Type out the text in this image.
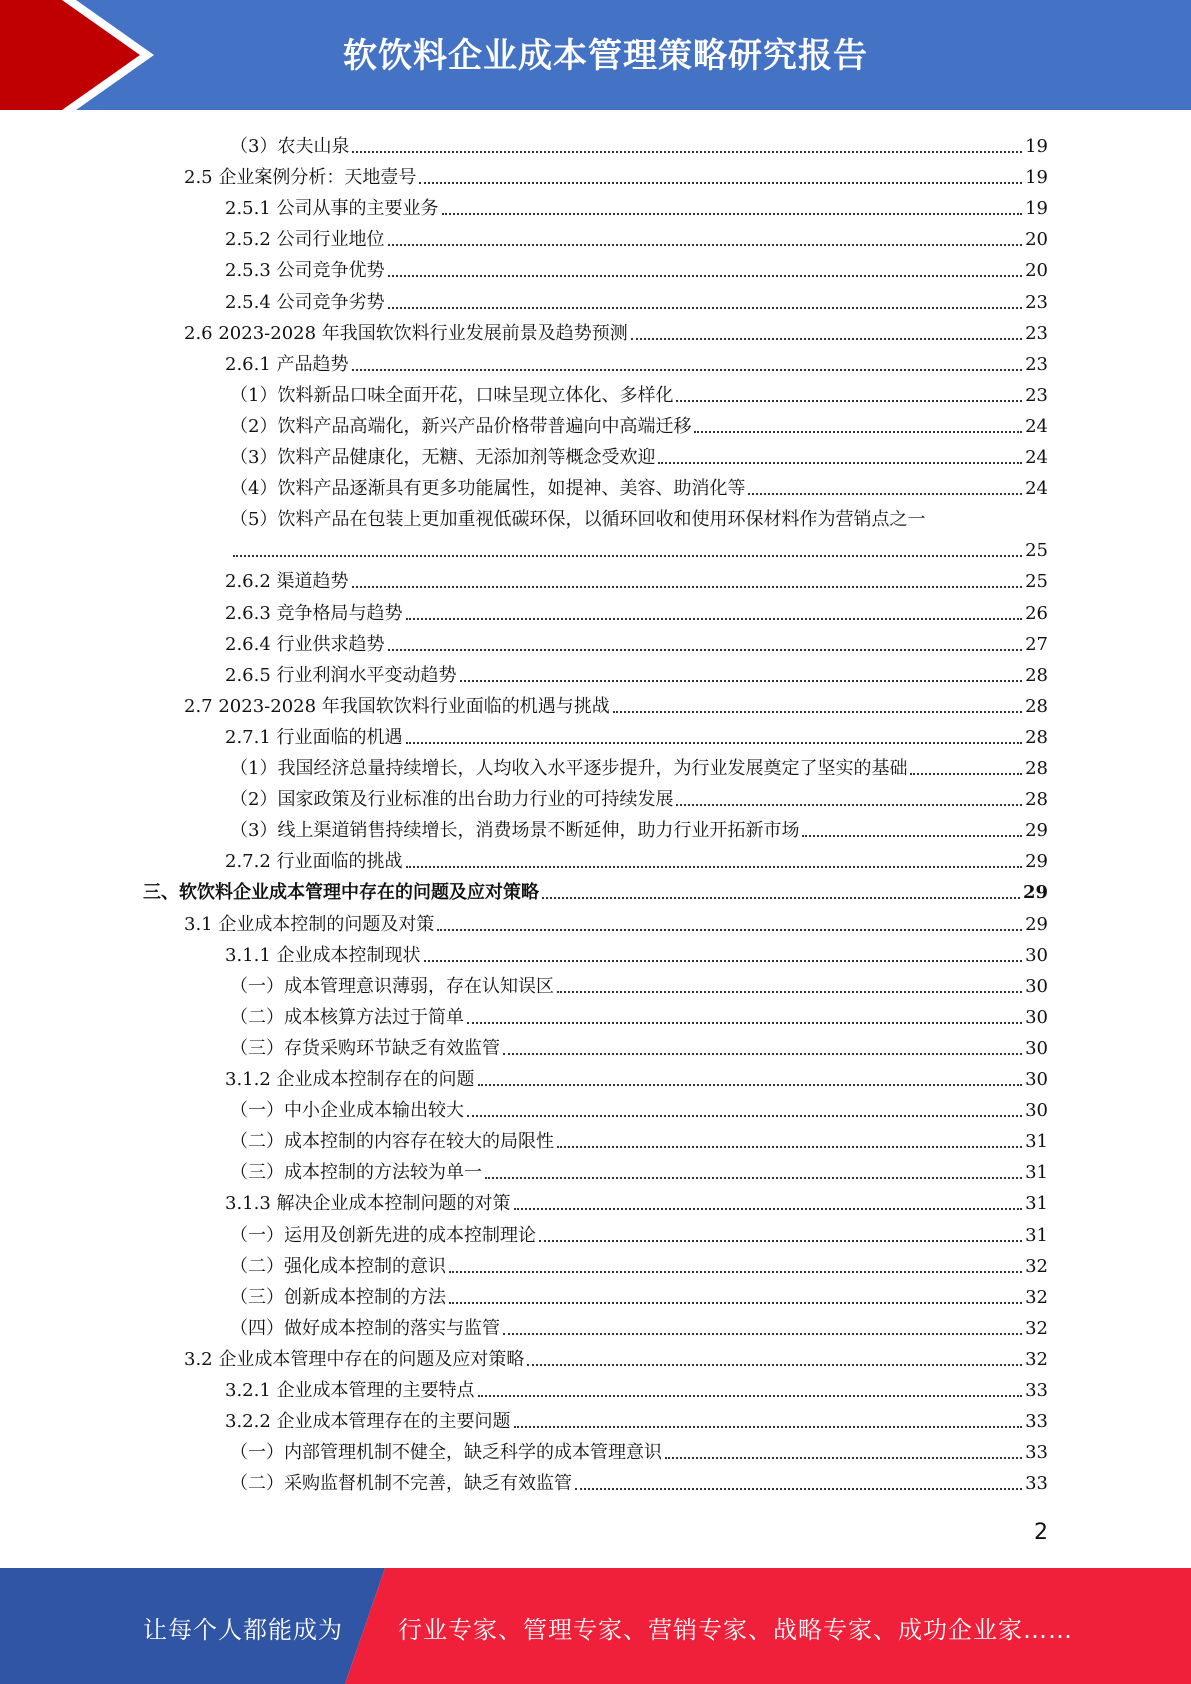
软饮料企业成本管理策略研究报告
（3）农夫山泉	19
2.5 企业案例分析：天地壹号	19
2.5.1 公司从事的主要业务	19
2.5.2 公司行业地位	20
2.5.3 公司竞争优势	20
2.5.4 公司竞争劣势	23
2.6 2023-2028 年我国软饮料行业发展前景及趋势预测	23
2.6.1 产品趋势	23
（1）饮料新品口味全面开花，口味呈现立体化、多样化	23
（2）饮料产品高端化，新兴产品价格带普遍向中高端迁移	24
（3）饮料产品健康化，无糖、无添加剂等概念受欢迎	24
（4）饮料产品逐渐具有更多功能属性，如提神、美容、助消化等	24
（5）饮料产品在包装上更加重视低碳环保，以循环回收和使用环保材料作为营销点之一
25
2.6.2 渠道趋势	25
2.6.3 竞争格局与趋势	26
2.6.4 行业供求趋势	27
2.6.5 行业利润水平变动趋势	28
2.7 2023-2028 年我国软饮料行业面临的机遇与挑战	28
2.7.1 行业面临的机遇	28
（1）我国经济总量持续增长，人均收入水平逐步提升，为行业发展奠定了坚实的基础	28
（2）国家政策及行业标准的出台助力行业的可持续发展	28
（3）线上渠道销售持续增长，消费场景不断延伸，助力行业开拓新市场	29
2.7.2 行业面临的挑战	29
三、软饮料企业成本管理中存在的问题及应对策略	29
3.1 企业成本控制的问题及对策	29
3.1.1 企业成本控制现状	30
（一）成本管理意识薄弱，存在认知误区	30
（二）成本核算方法过于简单	30
（三）存货采购环节缺乏有效监管	30
3.1.2 企业成本控制存在的问题	30
（一）中小企业成本输出较大	30
（二）成本控制的内容存在较大的局限性	31
（三）成本控制的方法较为单一	31
3.1.3 解决企业成本控制问题的对策	31
（一）运用及创新先进的成本控制理论	31
（二）强化成本控制的意识	32
（三）创新成本控制的方法	32
（四）做好成本控制的落实与监管	32
3.2 企业成本管理中存在的问题及应对策略	32
3.2.1 企业成本管理的主要特点	33
3.2.2 企业成本管理存在的主要问题	33
（一）内部管理机制不健全，缺乏科学的成本管理意识	33
（二）采购监督机制不完善，缺乏有效监管	33
2
让每个人都能成为 行业专家、管理专家、营销专家、战略专家、成功企业家……
